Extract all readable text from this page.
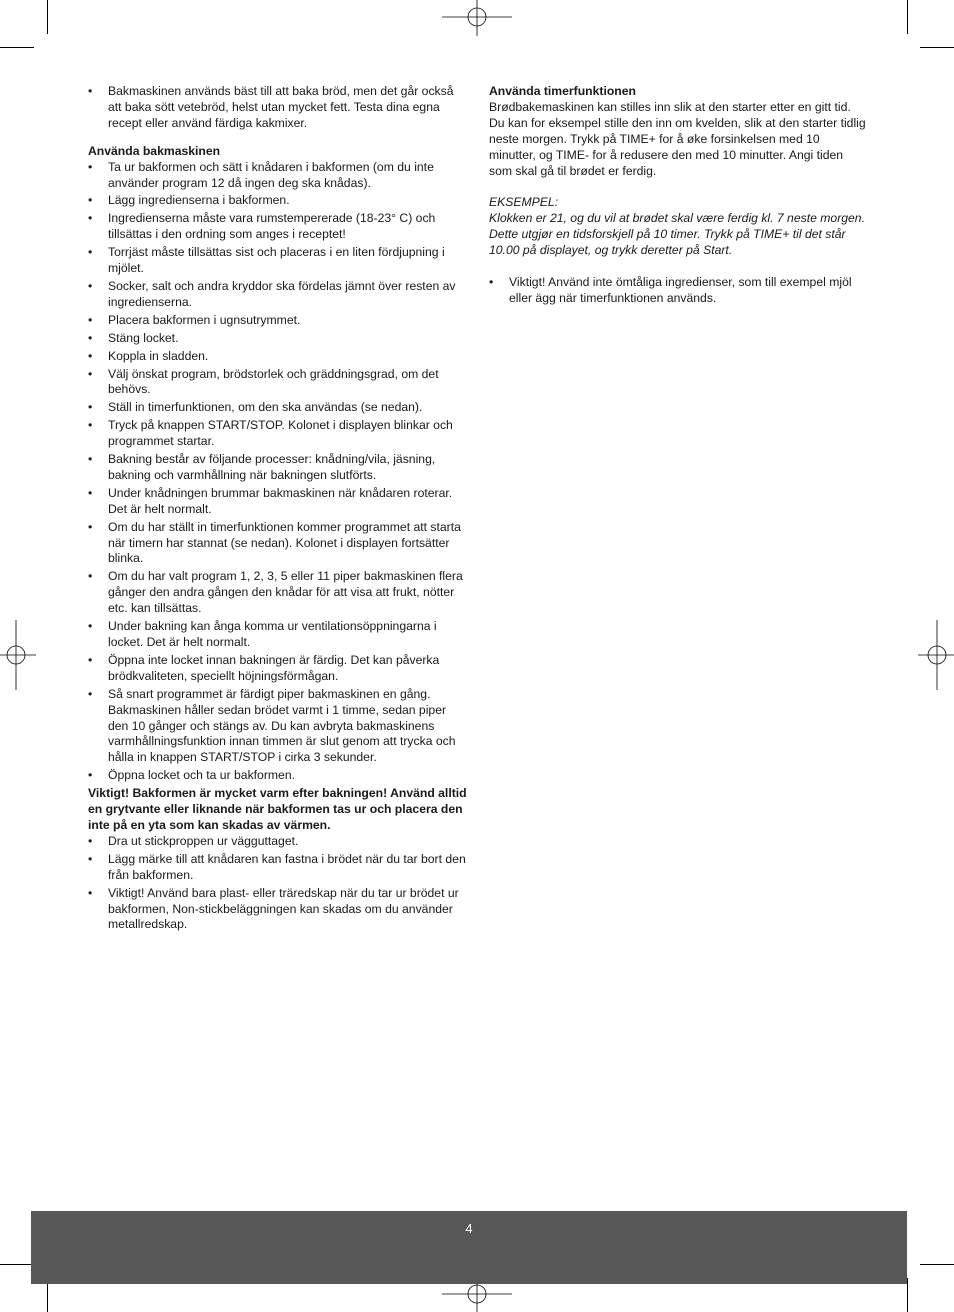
• Bakmaskinen används bäst till att baka bröd, men det går också att baka sött vetebröd, helst utan mycket fett. Testa dina egna recept eller använd färdiga kakmixer.

Använda bakmaskinen

• Ta ur bakformen och sätt i knådaren i bakformen (om du inte använder program 12 då ingen deg ska knådas).
• Lägg ingredienserna i bakformen.
• Ingredienserna måste vara rumstempererade (18-23° C) och tillsättas i den ordning som anges i receptet!
• Torrjäst måste tillsättas sist och placeras i en liten fördjupning i mjölet.
• Socker, salt och andra kryddor ska fördelas jämnt över resten av ingredienserna.
• Placera bakformen i ugnsutrymmet.
• Stäng locket.
• Koppla in sladden.
• Välj önskat program, brödstorlek och gräddningsgrad, om det behövs.
• Ställ in timerfunktionen, om den ska användas (se nedan).
• Tryck på knappen START/STOP. Kolonet i displayen blinkar och programmet startar.
• Bakning består av följande processer: knådning/vila, jäsning, bakning och varmhållning när bakningen slutförts.
• Under knådningen brummar bakmaskinen när knådaren roterar. Det är helt normalt.
• Om du har ställt in timerfunktionen kommer programmet att starta när timern har stannat (se nedan). Kolonet i displayen fortsätter blinka.
• Om du har valt program 1, 2, 3, 5 eller 11 piper bakmaskinen flera gånger den andra gången den knådar för att visa att frukt, nötter etc. kan tillsättas.
• Under bakning kan ånga komma ur ventilationsöppningarna i locket. Det är helt normalt.
• Öppna inte locket innan bakningen är färdig. Det kan påverka brödkvaliteten, speciellt höjningsförmågan.
• Så snart programmet är färdigt piper bakmaskinen en gång. Bakmaskinen håller sedan brödet varmt i 1 timme, sedan piper den 10 gånger och stängs av. Du kan avbryta bakmaskinens varmhållningsfunktion innan timmen är slut genom att trycka och hålla in knappen START/STOP i cirka 3 sekunder.
• Öppna locket och ta ur bakformen.

Viktigt! Bakformen är mycket varm efter bakningen! Använd alltid en grytvante eller liknande när bakformen tas ur och placera den inte på en yta som kan skadas av värmen.

• Dra ut stickproppen ur vägguttaget.
• Lägg märke till att knådaren kan fastna i brödet när du tar bort den från bakformen.
• Viktigt! Använd bara plast- eller träredskap när du tar ur brödet ur bakformen, Non-stickbeläggningen kan skadas om du använder metallredskap.

Använda timerfunktionen

Brødbakemaskinen kan stilles inn slik at den starter etter en gitt tid. Du kan for eksempel stille den inn om kvelden, slik at den starter tidlig neste morgen. Trykk på TIME+ for å øke forsinkelsen med 10 minutter, og TIME- for å redusere den med 10 minutter. Angi tiden som skal gå til brødet er ferdig.

EKSEMPEL:

Klokken er 21, og du vil at brødet skal være ferdig kl. 7 neste morgen. Dette utgjør en tidsforskjell på 10 timer. Trykk på TIME+ til det står 10.00 på displayet, og trykk deretter på Start.

• Viktigt! Använd inte ömtåliga ingredienser, som till exempel mjöl eller ägg när timerfunktionen används.
4
